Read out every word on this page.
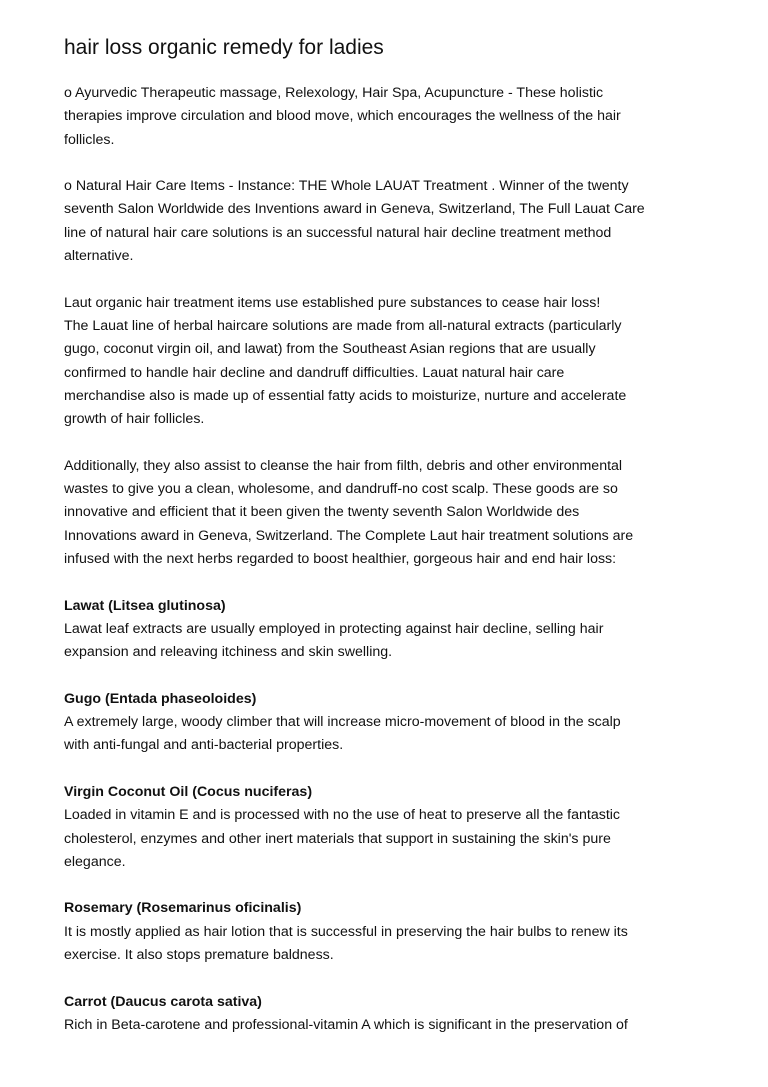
hair loss organic remedy for ladies
o Ayurvedic Therapeutic massage, Relexology, Hair Spa, Acupuncture - These holistic
therapies improve circulation and blood move, which encourages the wellness of the hair
follicles.
o Natural Hair Care Items - Instance: THE Whole LAUAT Treatment . Winner of the twenty
seventh Salon Worldwide des Inventions award in Geneva, Switzerland, The Full Lauat Care
line of natural hair care solutions is an successful natural hair decline treatment method
alternative.
Laut organic hair treatment items use established pure substances to cease hair loss!
The Lauat line of herbal haircare solutions are made from all-natural extracts (particularly
gugo, coconut virgin oil, and lawat) from the Southeast Asian regions that are usually
confirmed to handle hair decline and dandruff difficulties. Lauat natural hair care
merchandise also is made up of essential fatty acids to moisturize, nurture and accelerate
growth of hair follicles.
Additionally, they also assist to cleanse the hair from filth, debris and other environmental
wastes to give you a clean, wholesome, and dandruff-no cost scalp. These goods are so
innovative and efficient that it been given the twenty seventh Salon Worldwide des
Innovations award in Geneva, Switzerland. The Complete Laut hair treatment solutions are
infused with the next herbs regarded to boost healthier, gorgeous hair and end hair loss:
Lawat (Litsea glutinosa)
Lawat leaf extracts are usually employed in protecting against hair decline, selling hair
expansion and releaving itchiness and skin swelling.
Gugo (Entada phaseoloides)
A extremely large, woody climber that will increase micro-movement of blood in the scalp
with anti-fungal and anti-bacterial properties.
Virgin Coconut Oil (Cocus nuciferas)
Loaded in vitamin E and is processed with no the use of heat to preserve all the fantastic
cholesterol, enzymes and other inert materials that support in sustaining the skin's pure
elegance.
Rosemary (Rosemarinus oficinalis)
It is mostly applied as hair lotion that is successful in preserving the hair bulbs to renew its
exercise. It also stops premature baldness.
Carrot (Daucus carota sativa)
Rich in Beta-carotene and professional-vitamin A which is significant in the preservation of
